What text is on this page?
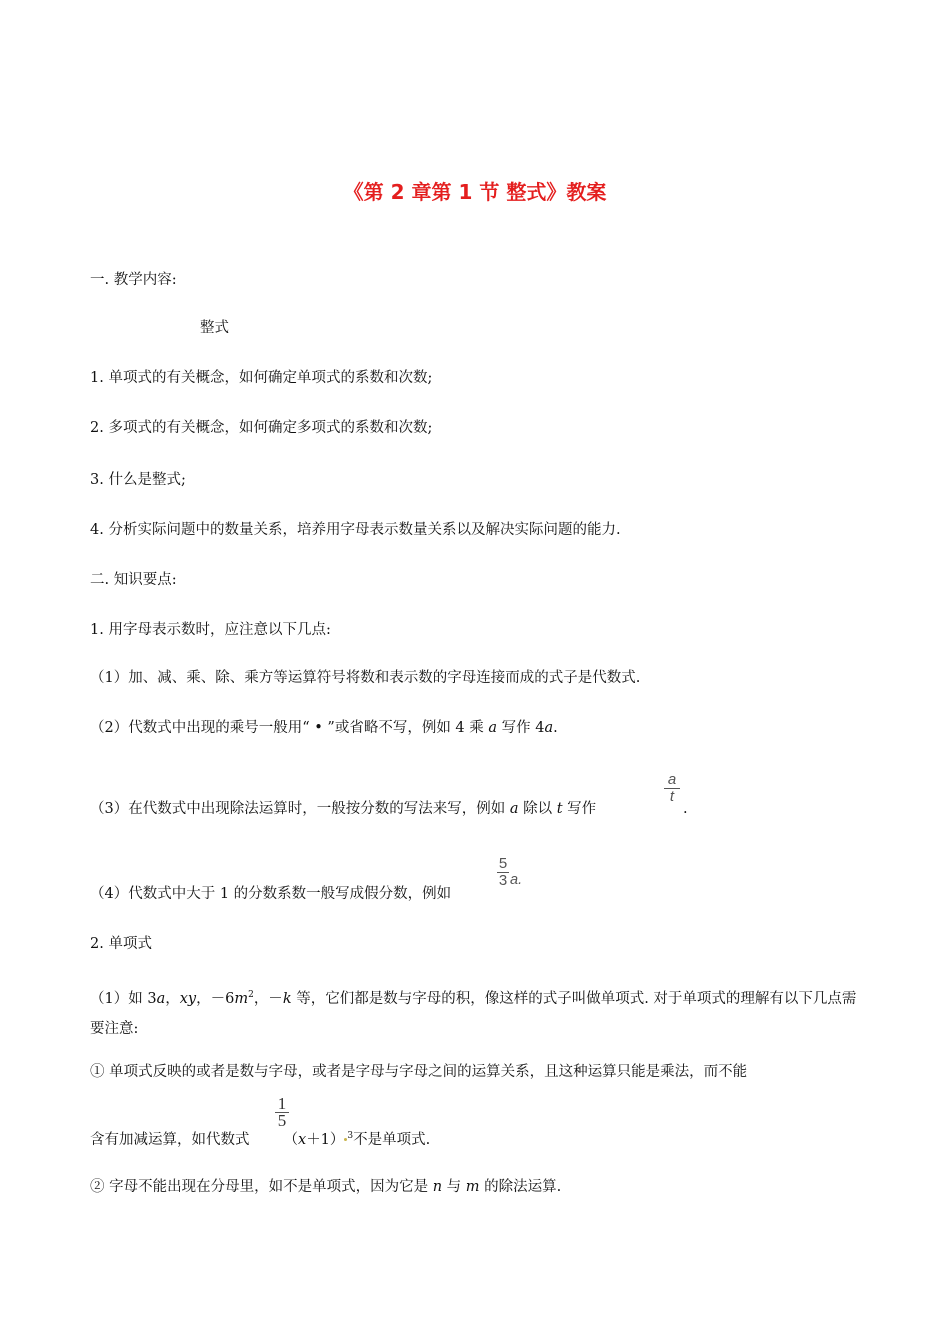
《第 2 章第 1 节 整式》教案
一. 教学内容:
整式
1. 单项式的有关概念，如何确定单项式的系数和次数;
2. 多项式的有关概念，如何确定多项式的系数和次数;
3. 什么是整式;
4. 分析实际问题中的数量关系，培养用字母表示数量关系以及解决实际问题的能力.
二. 知识要点:
1. 用字母表示数时，应注意以下几点:
（1）加、减、乘、除、乘方等运算符号将数和表示数的字母连接而成的式子是代数式.
（2）代数式中出现的乘号一般用“ • ”或省略不写，例如 4 乘 a 写作 4a.
（3）在代数式中出现除法运算时，一般按分数的写法来写，例如 a 除以 t 写作
$\frac{a}{t}$
.
（4）代数式中大于 1 的分数系数一般写成假分数，例如
$\frac{5}{3} a$.
2. 单项式
（1）如 3a，xy，$-6m^2$，－k 等，它们都是数与字母的积，像这样的式子叫做单项式. 对于单项式的理解有以下几点需要注意:
① 单项式反映的或者是数与字母，或者是字母与字母之间的运算关系，且这种运算只能是乘法，而不能
含有加减运算，如代数式 （x＋1） $^3$不是单项式.
$\frac{1}{5}$
② 字母不能出现在分母里，如不是单项式，因为它是 n 与 m 的除法运算.
